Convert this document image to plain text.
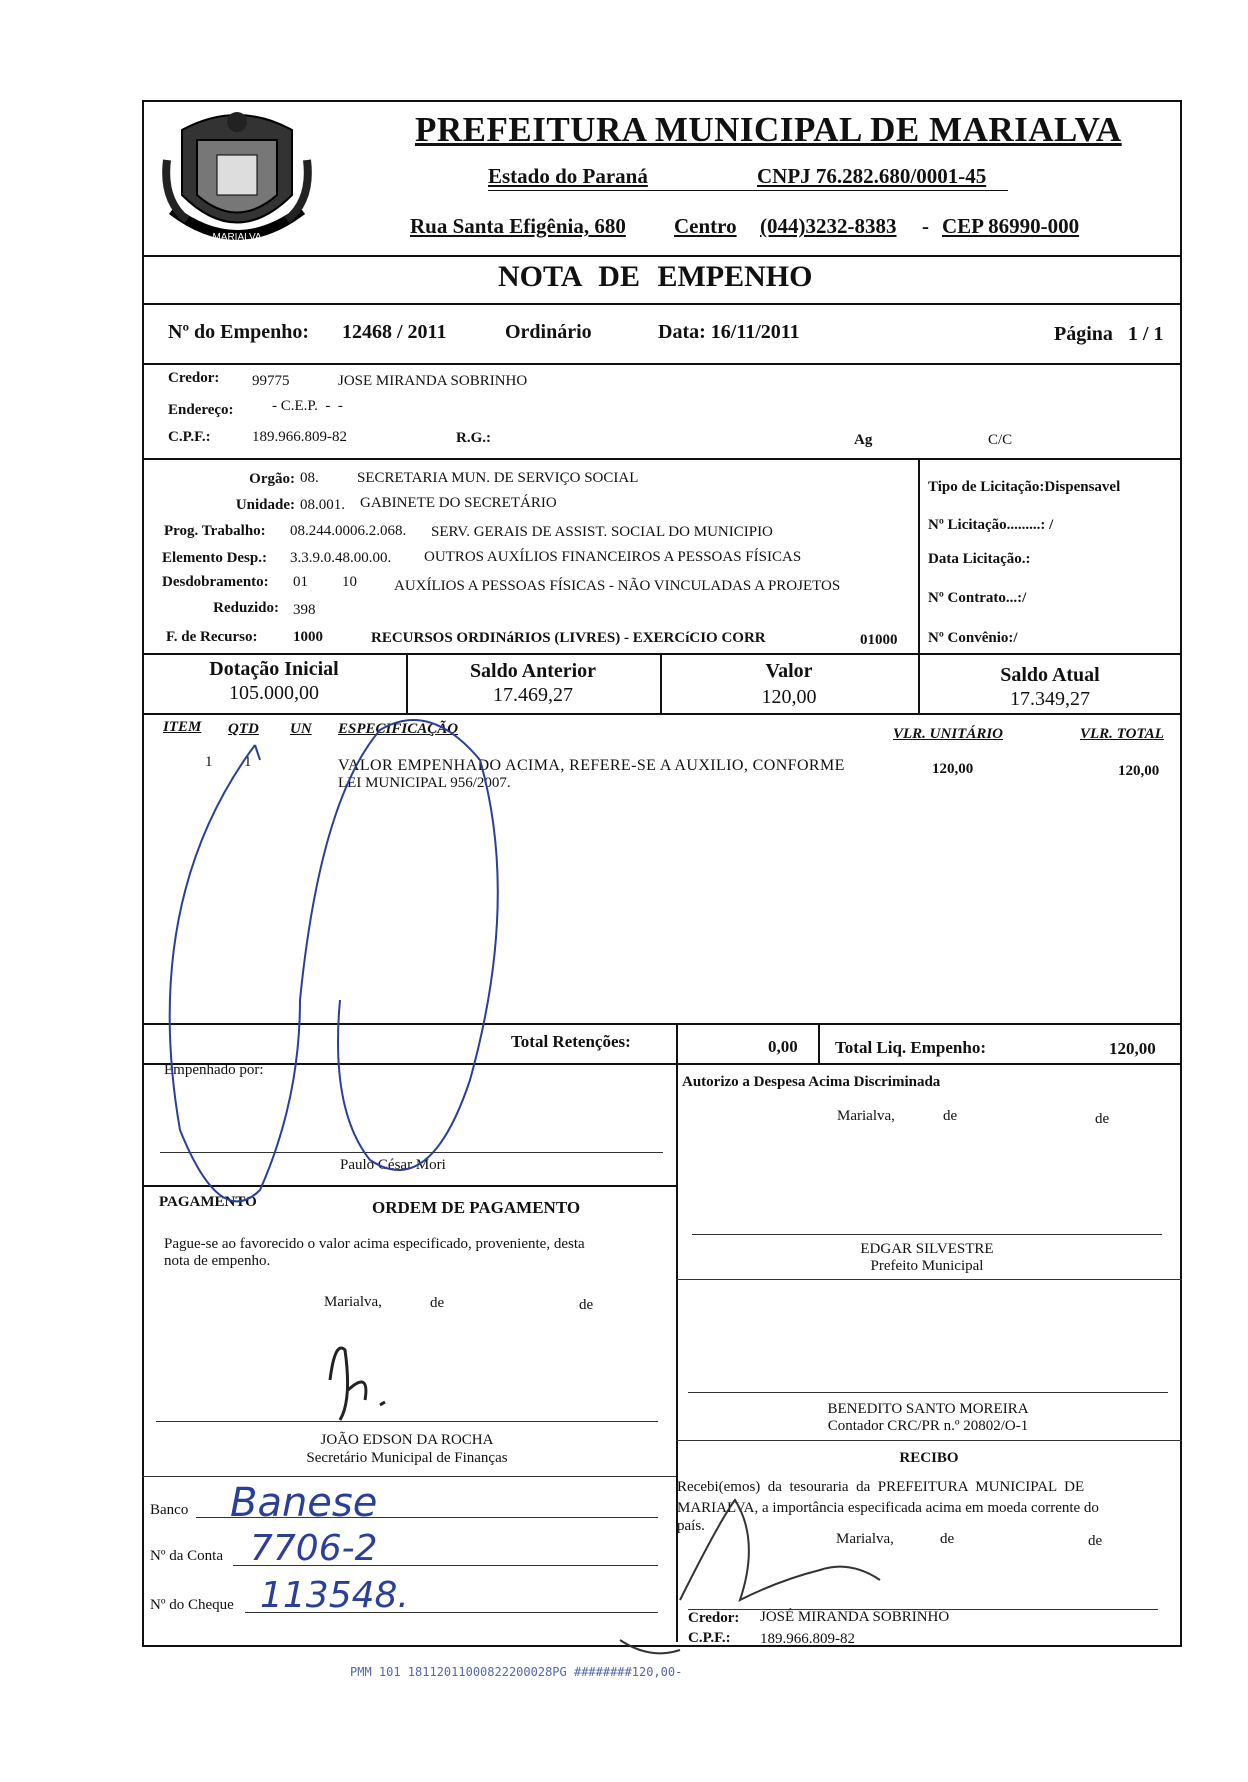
MARIALVA
PREFEITURA MUNICIPAL DE MARIALVA
Estado do Paraná	CNPJ 76.282.680/0001-45
Rua Santa Efigênia, 680 Centro (044)3232-8383 - CEP 86990-000
NOTA DE EMPENHO
Nº do Empenho: 12468 / 2011	Ordinário	Data: 16/11/2011	Página   1 / 1
Credor: 99775	JOSE MIRANDA SOBRINHO
Endereço:	- C.E.P.  -  -
C.P.F.:	189.966.809-82	R.G.:	Ag	C/C
Orgão: 08.	SECRETARIA MUN. DE SERVIÇO SOCIAL
Unidade: 08.001. GABINETE DO SECRETÁRIO
Prog. Trabalho: 08.244.0006.2.068. SERV. GERAIS DE ASSIST. SOCIAL DO MUNICIPIO
Elemento Desp.: 3.3.9.0.48.00.00. OUTROS AUXÍLIOS FINANCEIROS A PESSOAS FÍSICAS
Desdobramento: 01 10 AUXÍLIOS A PESSOAS FÍSICAS - NÃO VINCULADAS A PROJETOS
Reduzido: 398
F. de Recurso: 1000	RECURSOS ORDINáRIOS (LIVRES) - EXERCíCIO CORR	01000
Tipo de Licitação:Dispensavel
Nº Licitação.........: /
Data Licitação.:
Nº Contrato...:/
Nº Convênio:/
Dotação Inicial
105.000,00
Saldo Anterior
17.469,27
Valor
120,00
Saldo Atual
17.349,27
ITEM QTD UN ESPECIFICAÇÃO	VLR. UNITÁRIO	VLR. TOTAL
1 1	VALOR EMPENHADO ACIMA, REFERE-SE A AUXILIO, CONFORME
LEI MUNICIPAL 956/2007.
120,00	120,00
Total Retenções:	0,00 Total Liq. Empenho:	120,00
Empenhado por:
Paulo César Mori
Autorizo a Despesa Acima Discriminada
Marialva,	de	de
PAGAMENTO	ORDEM DE PAGAMENTO
Pague-se ao favorecido o valor acima especificado, proveniente, desta
nota de empenho.
Marialva,	de	de
EDGAR SILVESTRE
Prefeito Municipal
BENEDITO SANTO MOREIRA
Contador CRC/PR n.º 20802/O-1
JOÃO EDSON DA ROCHA
Secretário Municipal de Finanças	RECIBO
Recebi(emos)  da  tesouraria  da  PREFEITURA  MUNICIPAL  DE
MARIALVA, a importância especificada acima em moeda corrente do
país.
Marialva,	de	de
Credor: JOSÉ MIRANDA SOBRINHO
C.P.F.: 189.966.809-82
Banco Banese
Nº da Conta 7706-2
Nº do Cheque 113548.
PMM 101 18112011000822200028PG ########120,00-
